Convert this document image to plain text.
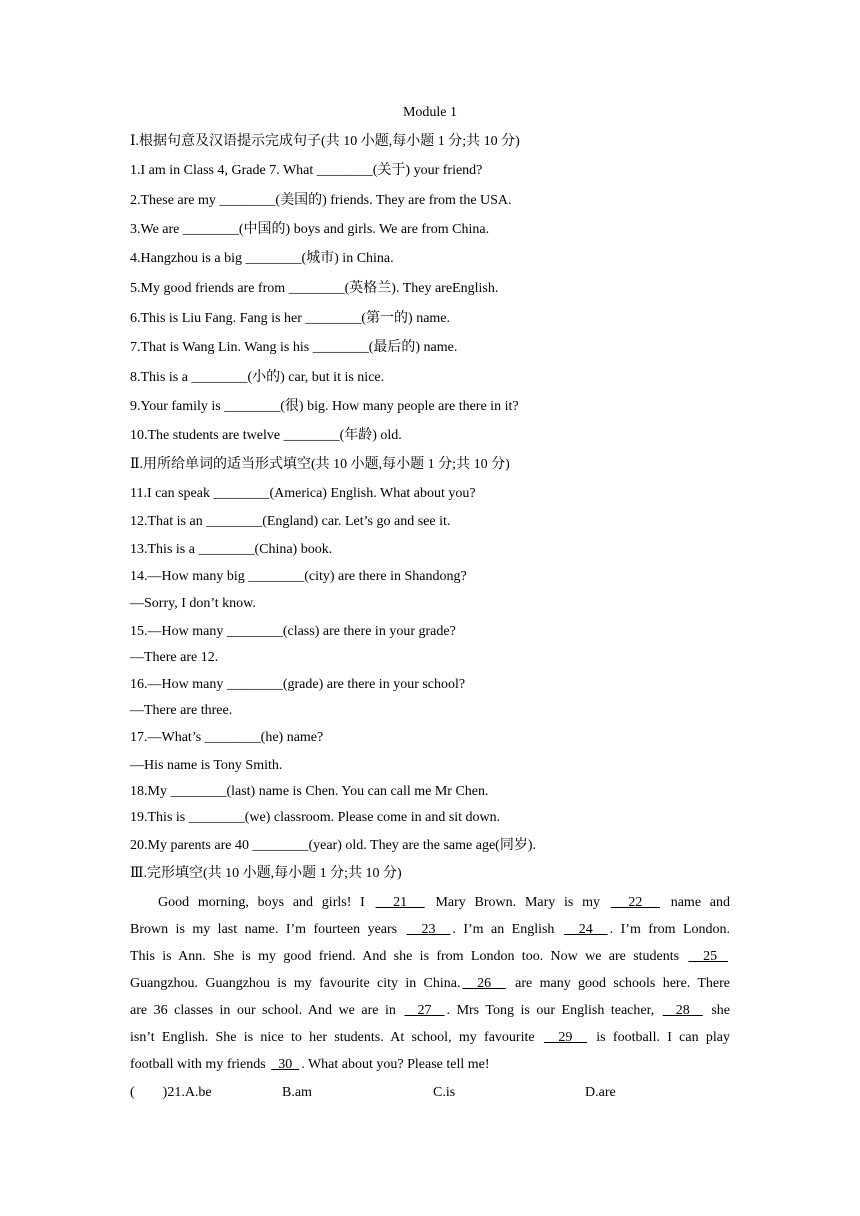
Module 1
Ⅰ.根据句意及汉语提示完成句子(共 10 小题,每小题 1 分;共 10 分)
1.I am in Class 4, Grade 7. What ________(关于) your friend?
2.These are my ________(美国的) friends. They are from the USA.
3.We are ________(中国的) boys and girls. We are from China.
4.Hangzhou is a big ________(城市) in China.
5.My good friends are from ________(英格兰). They areEnglish.
6.This is Liu Fang. Fang is her ________(第一的) name.
7.That is Wang Lin. Wang is his ________(最后的) name.
8.This is a ________(小的) car, but it is nice.
9.Your family is ________(很) big. How many people are there in it?
10.The students are twelve ________(年龄) old.
Ⅱ.用所给单词的适当形式填空(共 10 小题,每小题 1 分;共 10 分)
11.I can speak ________(America) English. What about you?
12.That is an ________(England) car. Let’s go and see it.
13.This is a ________(China) book.
14.—How many big ________(city) are there in Shandong?
—Sorry, I don’t know.
15.—How many ________(class) are there in your grade?
—There are 12.
16.—How many ________(grade) are there in your school?
—There are three.
17.—What’s ________(he) name?
—His name is Tony Smith.
18.My ________(last) name is Chen. You can call me Mr Chen.
19.This is ________(we) classroom. Please come in and sit down.
20.My parents are 40 ________(year) old. They are the same age(同岁).
Ⅲ.完形填空(共 10 小题,每小题 1 分;共 10 分)
Good morning, boys and girls! I   21   Mary Brown. Mary is my   22   name and
Brown is my last name. I’m fourteen years   23  . I’m an English   24  . I’m from London.
This is Ann. She is my good friend. And she is from London too. Now we are students   25
Guangzhou. Guangzhou is my favourite city in China.  26   are many good schools here. There
are 36 classes in our school. And we are in   27  . Mrs Tong is our English teacher,   28   she
isn’t English. She is nice to her students. At school, my favourite   29   is football. I can play
football with my friends   30  . What about you? Please tell me!
(　　)21.A.be	B.am	C.is	D.are
